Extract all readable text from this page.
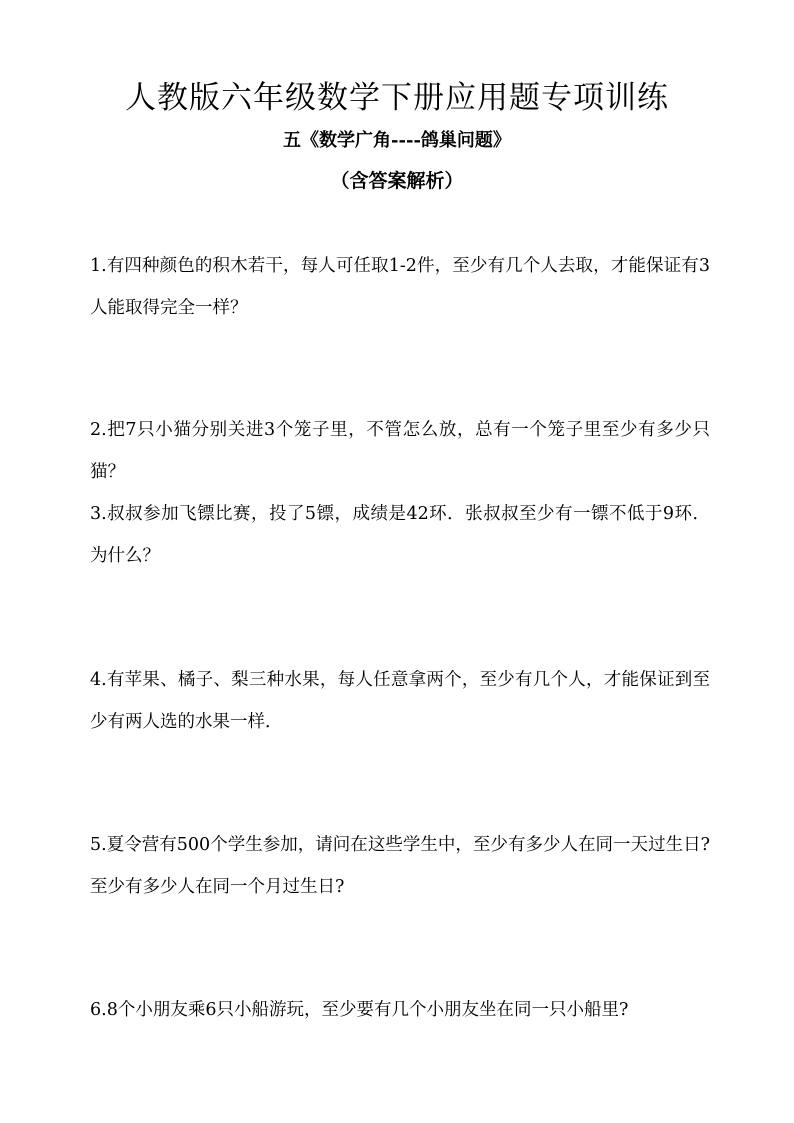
人教版六年级数学下册应用题专项训练
五《数学广角----鸽巢问题》
（含答案解析）
1.有四种颜色的积木若干，每人可任取1-2件，至少有几个人去取，才能保证有3人能取得完全一样？
2.把7只小猫分别关进3个笼子里，不管怎么放，总有一个笼子里至少有多少只猫？
3.叔叔参加飞镖比赛，投了5镖，成绩是42环．张叔叔至少有一镖不低于9环．为什么？
4.有苹果、橘子、梨三种水果，每人任意拿两个，至少有几个人，才能保证到至少有两人选的水果一样．
5.夏令营有500个学生参加，请问在这些学生中，至少有多少人在同一天过生日?至少有多少人在同一个月过生日?
6.8个小朋友乘6只小船游玩，至少要有几个小朋友坐在同一只小船里?
